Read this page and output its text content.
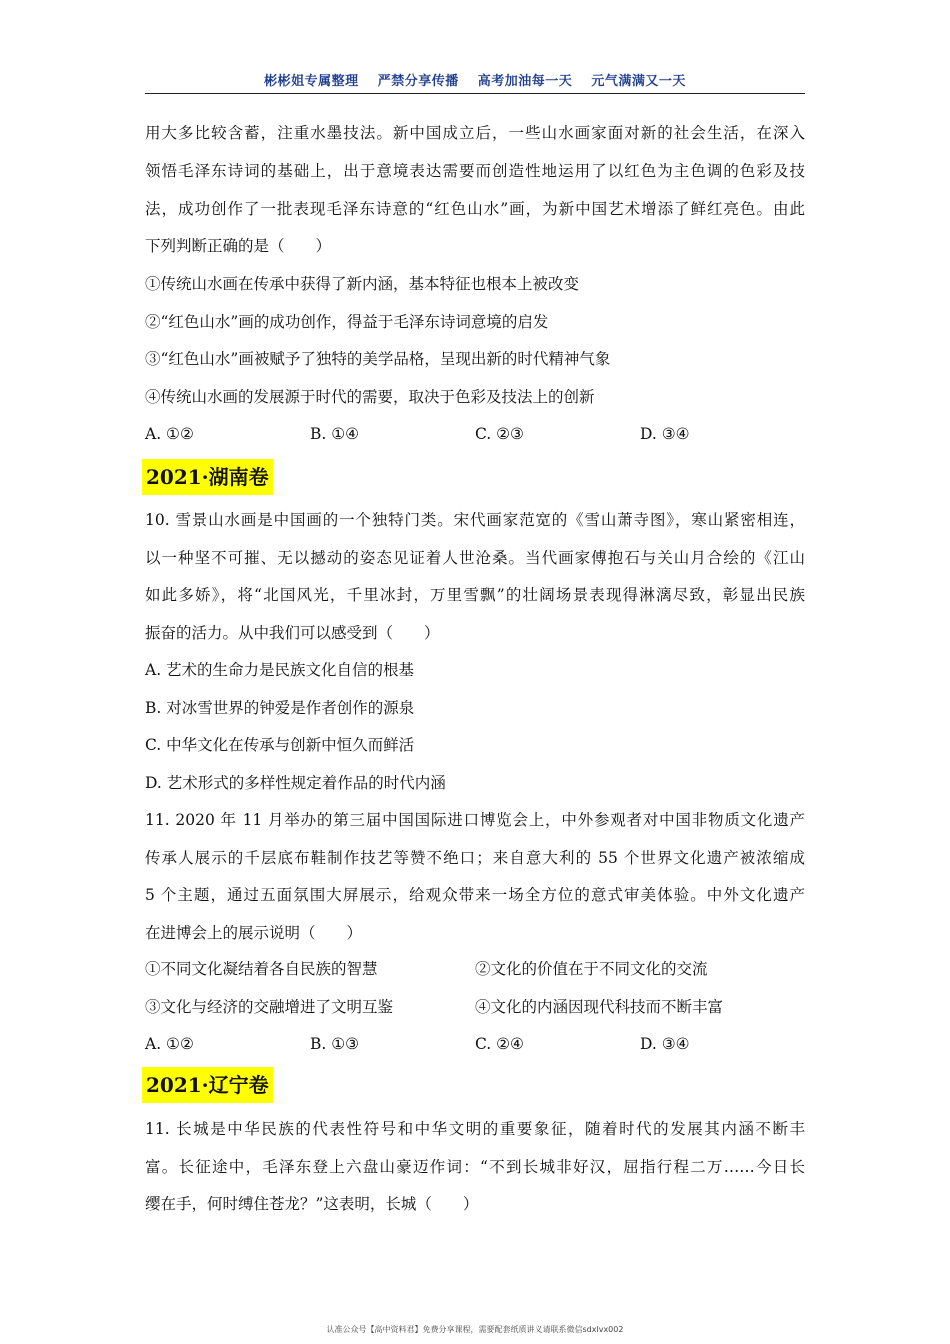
彬彬姐专属整理 严禁分享传播 高考加油每一天 元气满满又一天
用大多比较含蓄，注重水墨技法。新中国成立后，一些山水画家面对新的社会生活，在深入
领悟毛泽东诗词的基础上，出于意境表达需要而创造性地运用了以红色为主色调的色彩及技
法，成功创作了一批表现毛泽东诗意的“红色山水”画，为新中国艺术增添了鲜红亮色。由此
下列判断正确的是（　　）
①传统山水画在传承中获得了新内涵，基本特征也根本上被改变
②“红色山水”画的成功创作，得益于毛泽东诗词意境的启发
③“红色山水”画被赋予了独特的美学品格，呈现出新的时代精神气象
④传统山水画的发展源于时代的需要，取决于色彩及技法上的创新
A. ①②	B. ①④	C. ②③	D. ③④
2021·湖南卷
10. 雪景山水画是中国画的一个独特门类。宋代画家范宽的《雪山萧寺图》，寒山紧密相连，
以一种坚不可摧、无以撼动的姿态见证着人世沧桑。当代画家傅抱石与关山月合绘的《江山
如此多娇》，将“北国风光，千里冰封，万里雪飘”的壮阔场景表现得淋漓尽致，彰显出民族
振奋的活力。从中我们可以感受到（　　）
A. 艺术的生命力是民族文化自信的根基
B. 对冰雪世界的钟爱是作者创作的源泉
C. 中华文化在传承与创新中恒久而鲜活
D. 艺术形式的多样性规定着作品的时代内涵
11. 2020 年 11 月举办的第三届中国国际进口博览会上，中外参观者对中国非物质文化遗产
传承人展示的千层底布鞋制作技艺等赞不绝口；来自意大利的 55 个世界文化遗产被浓缩成
5 个主题，通过五面氛围大屏展示，给观众带来一场全方位的意式审美体验。中外文化遗产
在进博会上的展示说明（　　）
①不同文化凝结着各自民族的智慧	②文化的价值在于不同文化的交流
③文化与经济的交融增进了文明互鉴	④文化的内涵因现代科技而不断丰富
A. ①②	B. ①③	C. ②④	D. ③④
2021·辽宁卷
11. 长城是中华民族的代表性符号和中华文明的重要象征，随着时代的发展其内涵不断丰
富。长征途中，毛泽东登上六盘山豪迈作词：“不到长城非好汉，屈指行程二万……今日长
缨在手，何时缚住苍龙？”这表明，长城（　　）
认准公众号【高中资料君】免费分享课程，需要配套纸质讲义请联系微信sdxlvx002
